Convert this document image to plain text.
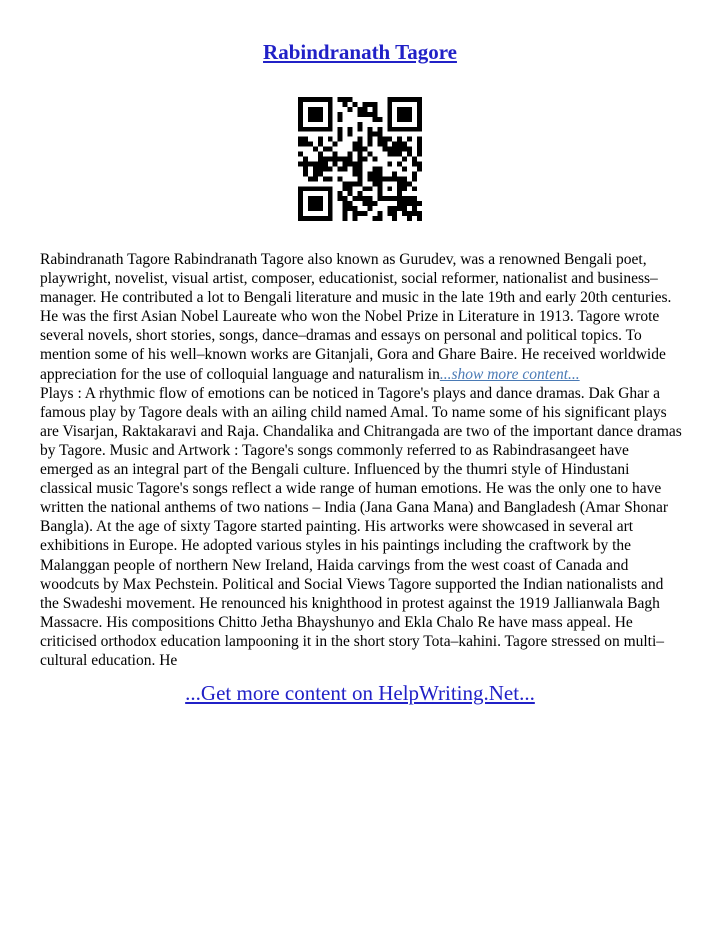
Rabindranath Tagore

Rabindranath Tagore Rabindranath Tagore also known as Gurudev, was a renowned Bengali poet, playwright, novelist, visual artist, composer, educationist, social reformer, nationalist and business–manager. He contributed a lot to Bengali literature and music in the late 19th and early 20th centuries. He was the first Asian Nobel Laureate who won the Nobel Prize in Literature in 1913. Tagore wrote several novels, short stories, songs, dance–dramas and essays on personal and political topics. To mention some of his well–known works are Gitanjali, Gora and Ghare Baire. He received worldwide appreciation for the use of colloquial language and naturalism in...show more content...
Plays : A rhythmic flow of emotions can be noticed in Tagore's plays and dance dramas. Dak Ghar a famous play by Tagore deals with an ailing child named Amal. To name some of his significant plays are Visarjan, Raktakaravi and Raja. Chandalika and Chitrangada are two of the important dance dramas by Tagore. Music and Artwork : Tagore's songs commonly referred to as Rabindrasangeet have emerged as an integral part of the Bengali culture. Influenced by the thumri style of Hindustani classical music Tagore's songs reflect a wide range of human emotions. He was the only one to have written the national anthems of two nations – India (Jana Gana Mana) and Bangladesh (Amar Shonar Bangla). At the age of sixty Tagore started painting. His artworks were showcased in several art exhibitions in Europe. He adopted various styles in his paintings including the craftwork by the Malanggan people of northern New Ireland, Haida carvings from the west coast of Canada and woodcuts by Max Pechstein. Political and Social Views Tagore supported the Indian nationalists and the Swadeshi movement. He renounced his knighthood in protest against the 1919 Jallianwala Bagh Massacre. His compositions Chitto Jetha Bhayshunyo and Ekla Chalo Re have mass appeal. He criticised orthodox education lampooning it in the short story Tota–kahini. Tagore stressed on multi–cultural education. He

...Get more content on HelpWriting.Net...
